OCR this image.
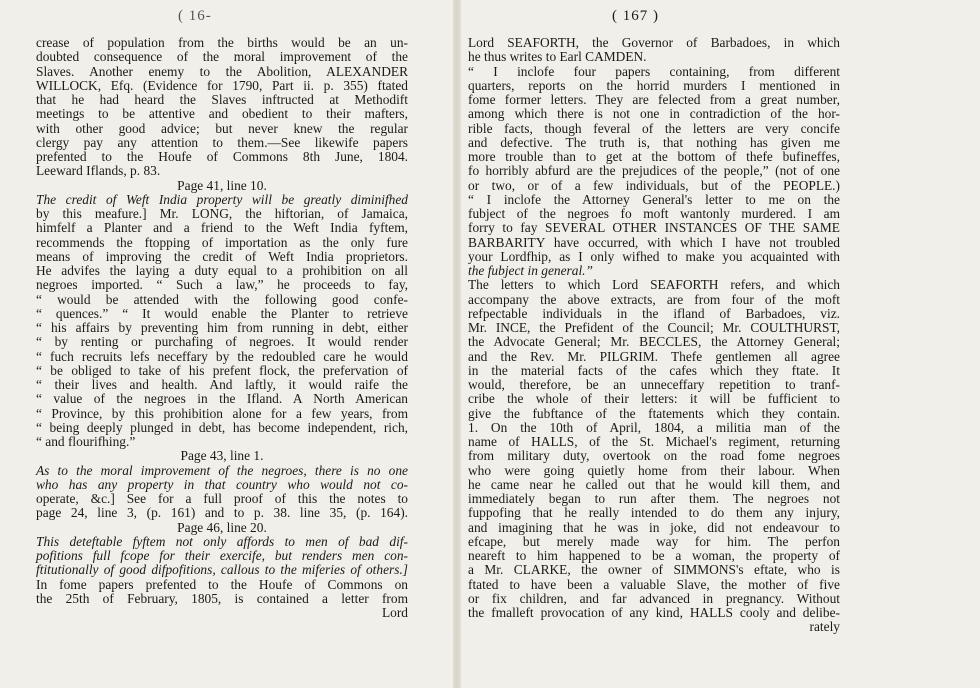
( 16-
crease of population from the births would be an un-
doubted consequence of the moral improvement of the
Slaves. Another enemy to the Abolition, ALEXANDER
WILLOCK, Efq. (Evidence for 1790, Part ii. p. 355) ftated
that he had heard the Slaves inftructed at Methodift
meetings to be attentive and obedient to their mafters,
with other good advice; but never knew the regular
clergy pay any attention to them.—See likewife papers
prefented to the Houfe of Commons 8th June, 1804.
Leeward Iflands, p. 83.
Page 41, line 10.
The credit of Weft India property will be greatly diminifhed
by this meafure.] Mr. LONG, the hiftorian, of Jamaica,
himfelf a Planter and a friend to the Weft India fyftem,
recommends the ftopping of importation as the only fure
means of improving the credit of Weft India proprietors.
He advifes the laying a duty equal to a prohibition on all
negroes imported. “ Such a law,” he proceeds to fay,
“ would be attended with the following good confe-
“ quences.” “ It would enable the Planter to retrieve
“ his affairs by preventing him from running in debt, either
“ by renting or purchafing of negroes. It would render
“ fuch recruits lefs neceffary by the redoubled care he would
“ be obliged to take of his prefent flock, the prefervation of
“ their lives and health. And laftly, it would raife the
“ value of the negroes in the Ifland. A North American
“ Province, by this prohibition alone for a few years, from
“ being deeply plunged in debt, has become independent, rich,
“ and flourifhing.”
Page 43, line 1.
As to the moral improvement of the negroes, there is no one
who has any property in that country who would not co-
operate, &c.] See for a full proof of this the notes to
page 24, line 3, (p. 161) and to p. 38. line 35, (p. 164).
Page 46, line 20.
This deteftable fyftem not only affords to men of bad dif-
pofitions full fcope for their exercife, but renders men con-
ftitutionally of good difpofitions, callous to the miferies of others.]
In fome papers prefented to the Houfe of Commons on
the 25th of February, 1805, is contained a letter from
Lord
( 167 )
Lord SEAFORTH, the Governor of Barbadoes, in which
he thus writes to Earl CAMDEN.
“ I inclofe four papers containing, from different
quarters, reports on the horrid murders I mentioned in
fome former letters. They are felected from a great number,
among which there is not one in contradiction of the hor-
rible facts, though feveral of the letters are very concife
and defective. The truth is, that nothing has given me
more trouble than to get at the bottom of thefe bufineffes,
fo horribly abfurd are the prejudices of the people,” (not of one
or two, or of a few individuals, but of the PEOPLE.)
“ I inclofe the Attorney General's letter to me on the
fubject of the negroes fo moft wantonly murdered. I am
forry to fay SEVERAL OTHER INSTANCES OF THE SAME
BARBARITY have occurred, with which I have not troubled
your Lordfhip, as I only wifhed to make you acquainted with
the fubject in general.”
The letters to which Lord SEAFORTH refers, and which
accompany the above extracts, are from four of the moft
refpectable individuals in the ifland of Barbadoes, viz.
Mr. INCE, the Prefident of the Council; Mr. COULTHURST,
the Advocate General; Mr. BECCLES, the Attorney General;
and the Rev. Mr. PILGRIM. Thefe gentlemen all agree
in the material facts of the cafes which they ftate. It
would, therefore, be an unneceffary repetition to tranf-
cribe the whole of their letters: it will be fufficient to
give the fubftance of the ftatements which they contain.
1. On the 10th of April, 1804, a militia man of the
name of HALLS, of the St. Michael's regiment, returning
from military duty, overtook on the road fome negroes
who were going quietly home from their labour. When
he came near he called out that he would kill them, and
immediately began to run after them. The negroes not
fuppofing that he really intended to do them any injury,
and imagining that he was in joke, did not endeavour to
efcape, but merely made way for him. The perfon
neareft to him happened to be a woman, the property of
a Mr. CLARKE, the owner of SIMMONS's eftate, who is
ftated to have been a valuable Slave, the mother of five
or fix children, and far advanced in pregnancy. Without
the fmalleft provocation of any kind, HALLS cooly and delibe-
rately
